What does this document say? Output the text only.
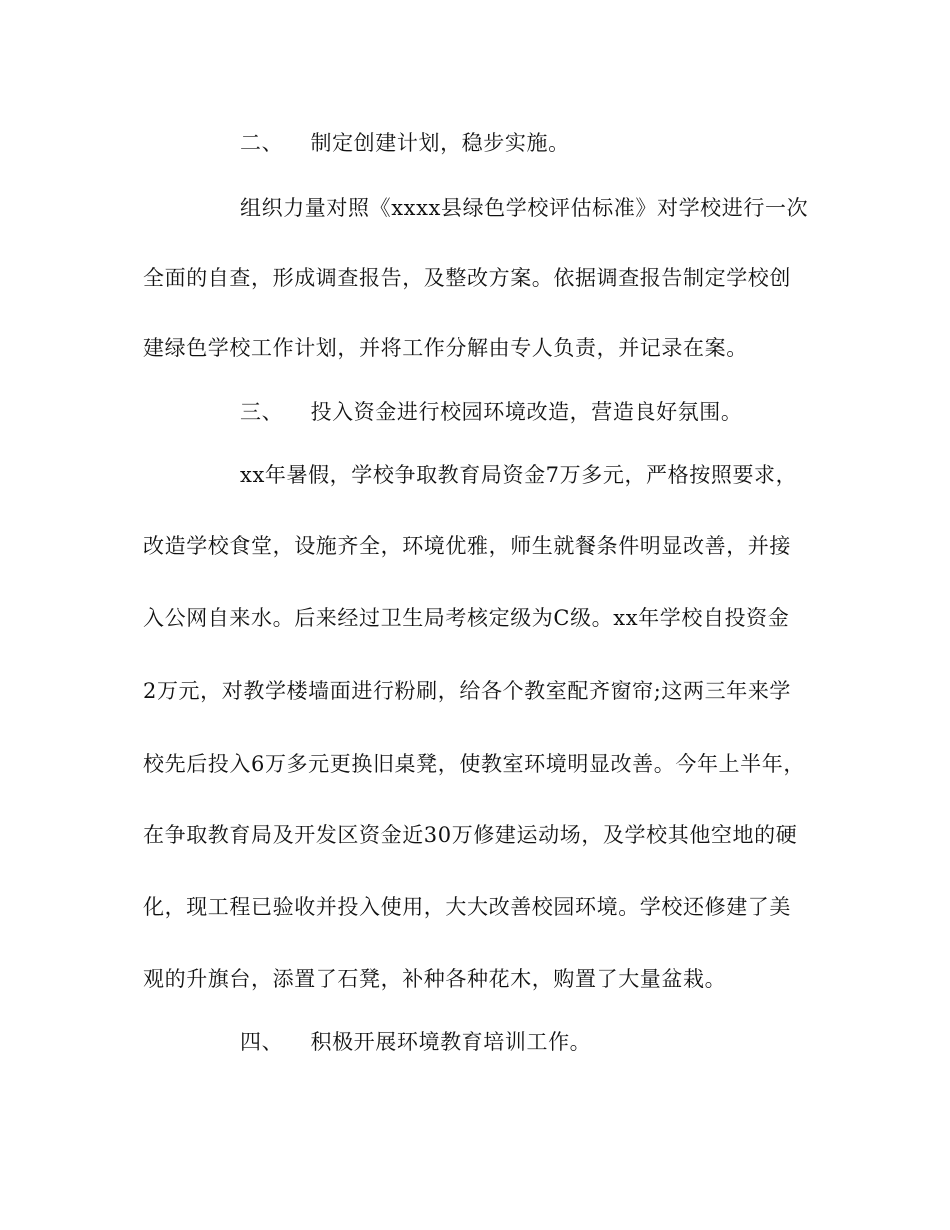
二、 制定创建计划，稳步实施。
组织力量对照《xxxx县绿色学校评估标准》对学校进行一次
全面的自查，形成调查报告，及整改方案。依据调查报告制定学校创
建绿色学校工作计划，并将工作分解由专人负责，并记录在案。
三、 投入资金进行校园环境改造，营造良好氛围。
xx年暑假，学校争取教育局资金7万多元，严格按照要求，
改造学校食堂，设施齐全，环境优雅，师生就餐条件明显改善，并接
入公网自来水。后来经过卫生局考核定级为C级。xx年学校自投资金
2万元，对教学楼墙面进行粉刷，给各个教室配齐窗帘;这两三年来学
校先后投入6万多元更换旧桌凳，使教室环境明显改善。今年上半年，
在争取教育局及开发区资金近30万修建运动场，及学校其他空地的硬
化，现工程已验收并投入使用，大大改善校园环境。学校还修建了美
观的升旗台，添置了石凳，补种各种花木，购置了大量盆栽。
四、 积极开展环境教育培训工作。
